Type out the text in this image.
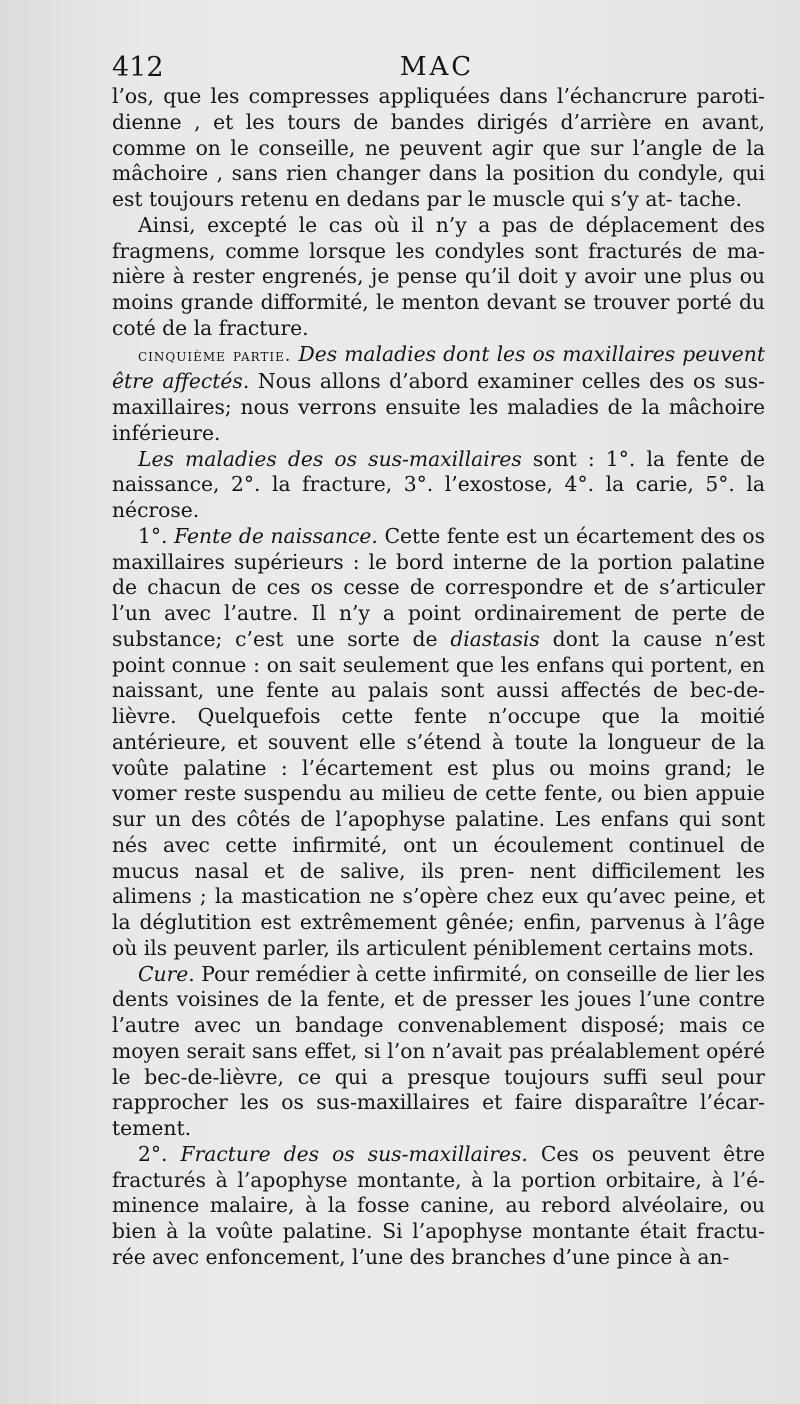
412	MAC

l’os, que les compresses appliquées dans l’échancrure paroti- dienne , et les tours de bandes dirigés d’arrière en avant, comme on le conseille, ne peuvent agir que sur l’angle de la mâchoire , sans rien changer dans la position du condyle, qui est toujours retenu en dedans par le muscle qui s’y at- tache.

Ainsi, excepté le cas où il n’y a pas de déplacement des fragmens, comme lorsque les condyles sont fracturés de ma- nière à rester engrenés, je pense qu’il doit y avoir une plus ou moins grande difformité, le menton devant se trouver porté du coté de la fracture.

cinquième partie. Des maladies dont les os maxillaires peuvent être affectés. Nous allons d’abord examiner celles des os sus-maxillaires; nous verrons ensuite les maladies de la mâchoire inférieure.

Les maladies des os sus-maxillaires sont : 1°. la fente de naissance, 2°. la fracture, 3°. l’exostose, 4°. la carie, 5°. la nécrose.

1°. Fente de naissance. Cette fente est un écartement des os maxillaires supérieurs : le bord interne de la portion palatine de chacun de ces os cesse de correspondre et de s’articuler l’un avec l’autre. Il n’y a point ordinairement de perte de substance; c’est une sorte de diastasis dont la cause n’est point connue : on sait seulement que les enfans qui portent, en naissant, une fente au palais sont aussi affectés de bec-de-lièvre. Quelquefois cette fente n’occupe que la moitié antérieure, et souvent elle s’étend à toute la longueur de la voûte palatine : l’écartement est plus ou moins grand; le vomer reste suspendu au milieu de cette fente, ou bien appuie sur un des côtés de l’apophyse palatine. Les enfans qui sont nés avec cette infirmité, ont un écoulement continuel de mucus nasal et de salive, ils pren- nent difficilement les alimens ; la mastication ne s’opère chez eux qu’avec peine, et la déglutition est extrêmement gênée; enfin, parvenus à l’âge où ils peuvent parler, ils articulent péniblement certains mots.

Cure. Pour remédier à cette infirmité, on conseille de lier les dents voisines de la fente, et de presser les joues l’une contre l’autre avec un bandage convenablement disposé; mais ce moyen serait sans effet, si l’on n’avait pas préalablement opéré le bec-de-lièvre, ce qui a presque toujours suffi seul pour rapprocher les os sus-maxillaires et faire disparaître l’écar- tement.

2°. Fracture des os sus-maxillaires. Ces os peuvent être fracturés à l’apophyse montante, à la portion orbitaire, à l’é- minence malaire, à la fosse canine, au rebord alvéolaire, ou bien à la voûte palatine. Si l’apophyse montante était fractu- rée avec enfoncement, l’une des branches d’une pince à an-
